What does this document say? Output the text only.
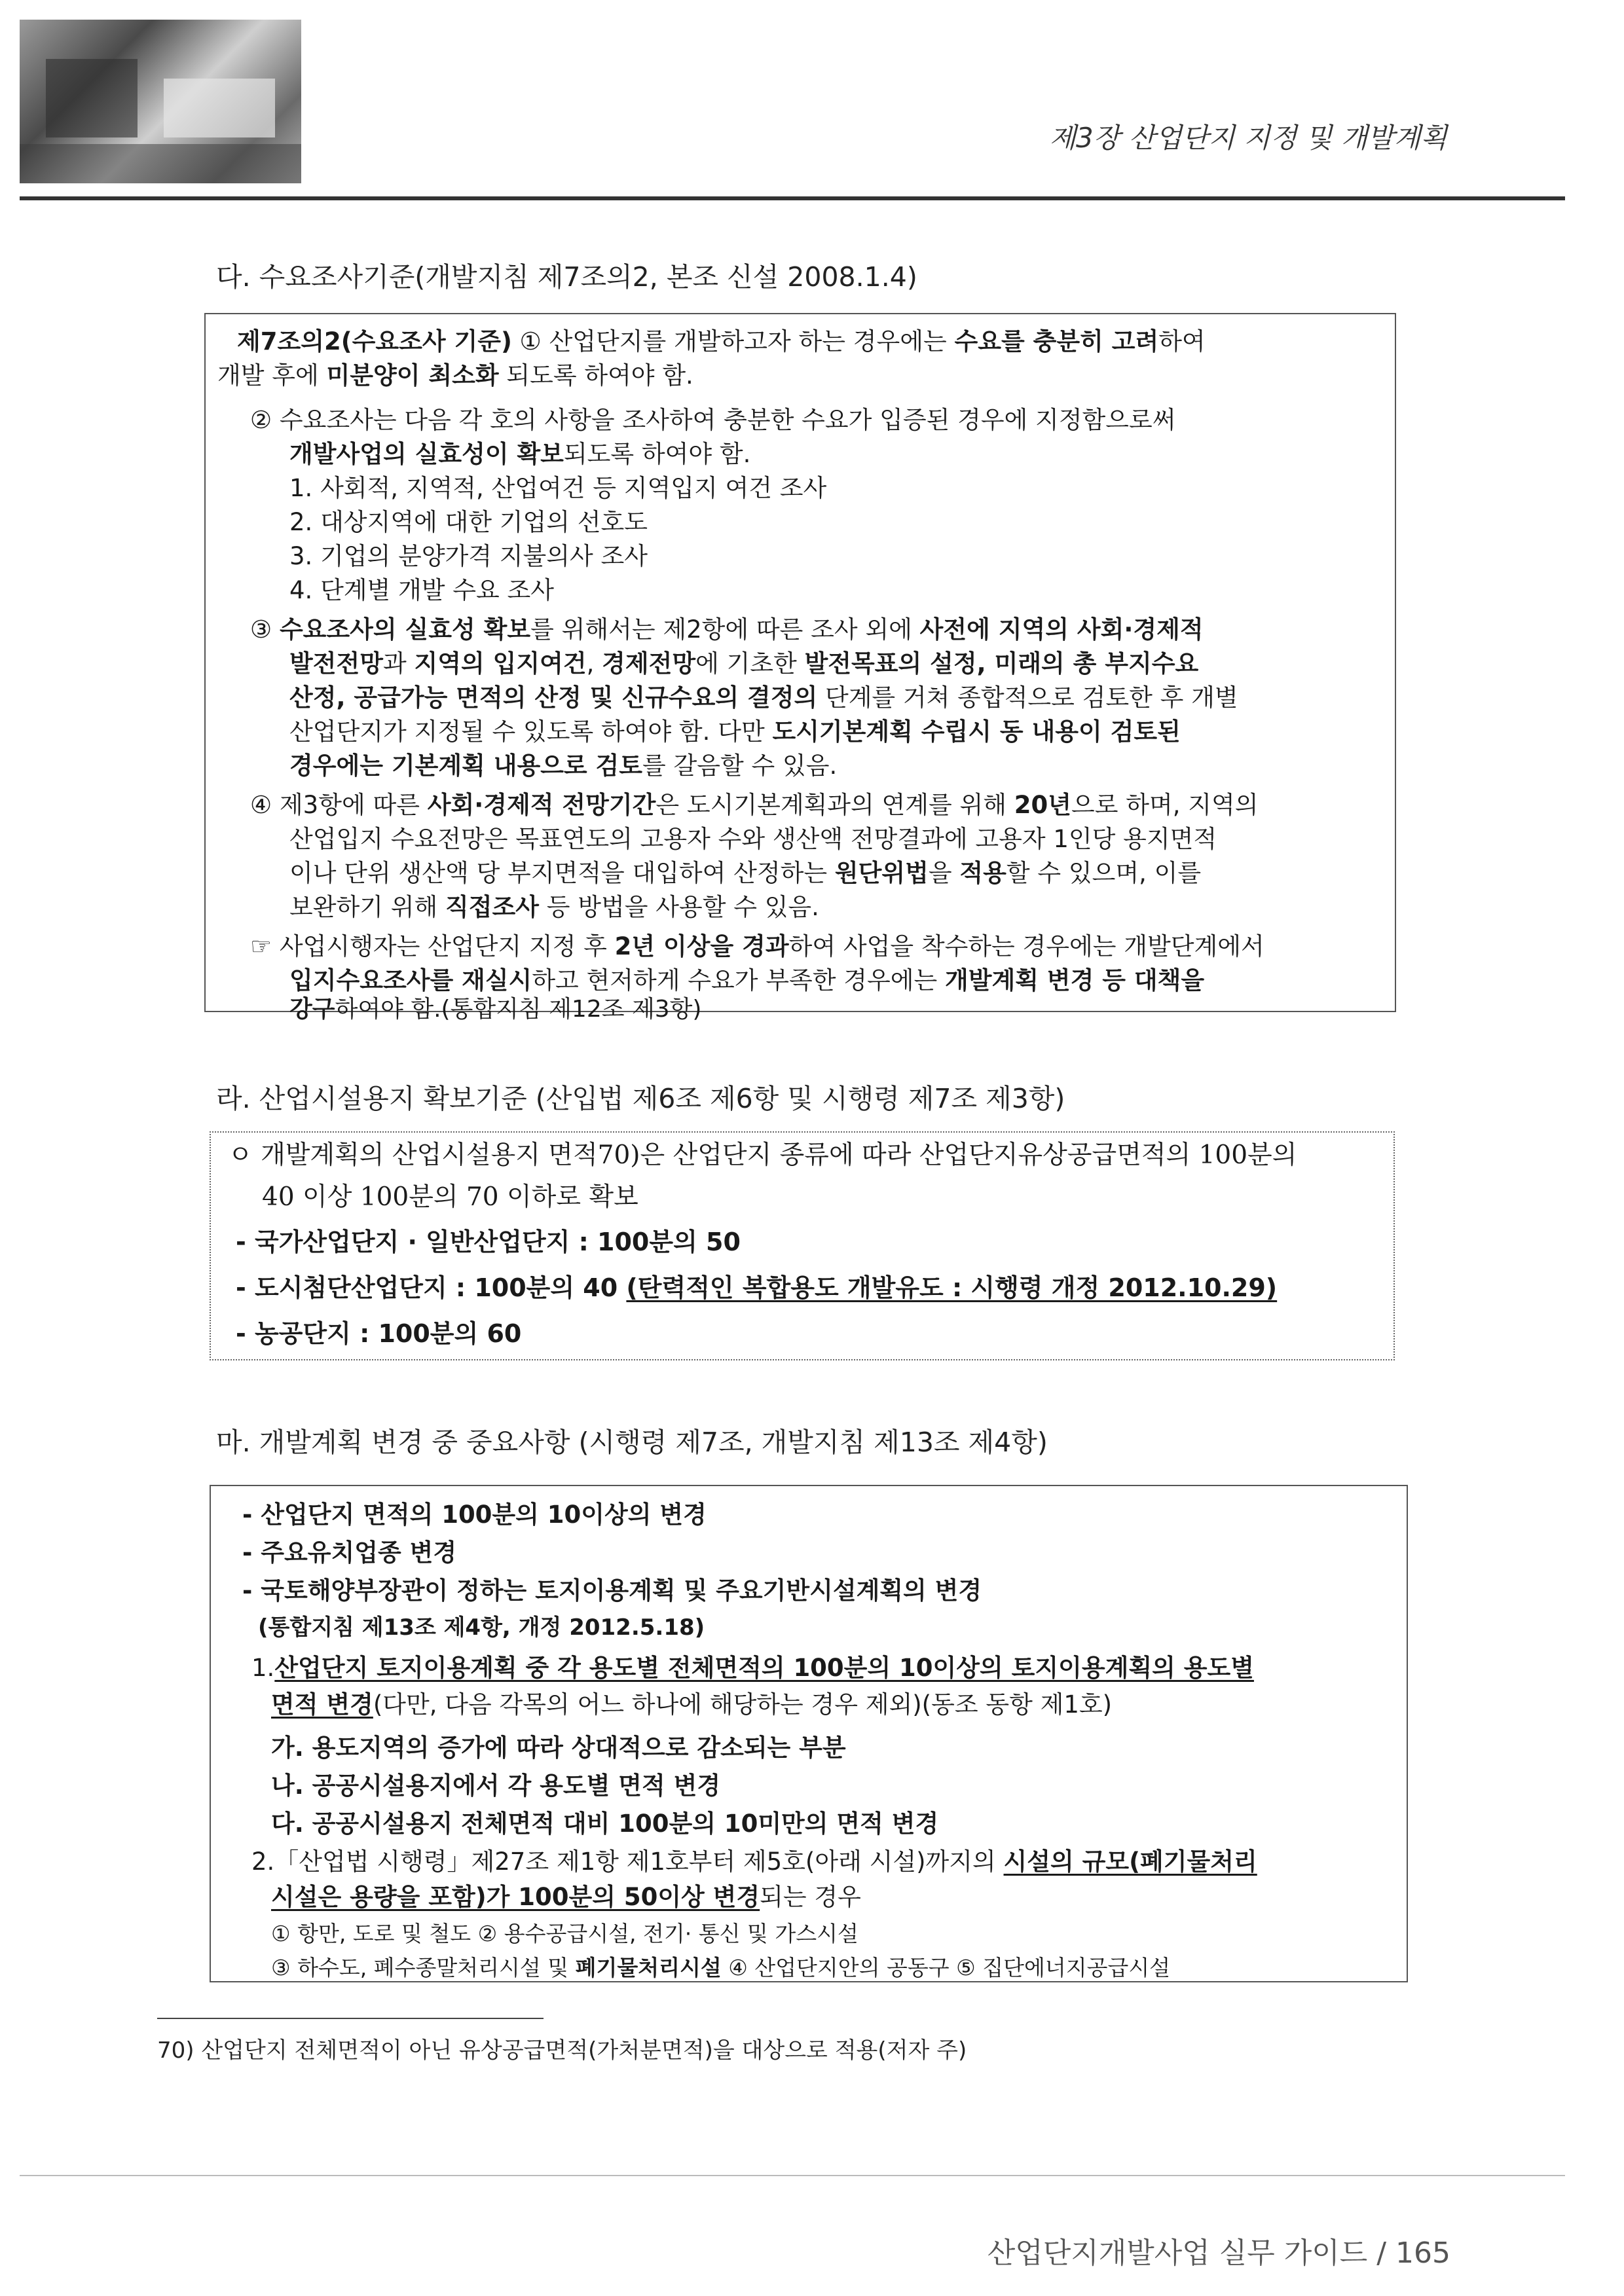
제3장 산업단지 지정 및 개발계획
다. 수요조사기준(개발지침 제7조의2, 본조 신설 2008.1.4)
제7조의2(수요조사 기준) ① 산업단지를 개발하고자 하는 경우에는 수요를 충분히 고려하여
개발 후에 미분양이 최소화 되도록 하여야 함.
② 수요조사는 다음 각 호의 사항을 조사하여 충분한 수요가 입증된 경우에 지정함으로써
개발사업의 실효성이 확보되도록 하여야 함.
1. 사회적, 지역적, 산업여건 등 지역입지 여건 조사
2. 대상지역에 대한 기업의 선호도
3. 기업의 분양가격 지불의사 조사
4. 단계별 개발 수요 조사
③ 수요조사의 실효성 확보를 위해서는 제2항에 따른 조사 외에 사전에 지역의 사회·경제적
발전전망과 지역의 입지여건, 경제전망에 기초한 발전목표의 설정, 미래의 총 부지수요
산정, 공급가능 면적의 산정 및 신규수요의 결정의 단계를 거쳐 종합적으로 검토한 후 개별
산업단지가 지정될 수 있도록 하여야 함. 다만 도시기본계획 수립시 동 내용이 검토된
경우에는 기본계획 내용으로 검토를 갈음할 수 있음.
④ 제3항에 따른 사회·경제적 전망기간은 도시기본계획과의 연계를 위해 20년으로 하며, 지역의
산업입지 수요전망은 목표연도의 고용자 수와 생산액 전망결과에 고용자 1인당 용지면적
이나 단위 생산액 당 부지면적을 대입하여 산정하는 원단위법을 적용할 수 있으며, 이를
보완하기 위해 직접조사 등 방법을 사용할 수 있음.
☞ 사업시행자는 산업단지 지정 후 2년 이상을 경과하여 사업을 착수하는 경우에는 개발단계에서
입지수요조사를 재실시하고 현저하게 수요가 부족한 경우에는 개발계획 변경 등 대책을
강구하여야 함.(통합지침 제12조 제3항)
라. 산업시설용지 확보기준 (산입법 제6조 제6항 및 시행령 제7조 제3항)
ㅇ 개발계획의 산업시설용지 면적70)은 산업단지 종류에 따라 산업단지유상공급면적의 100분의
40 이상 100분의 70 이하로 확보
- 국가산업단지 · 일반산업단지 : 100분의 50
- 도시첨단산업단지 : 100분의 40 (탄력적인 복합용도 개발유도 : 시행령 개정 2012.10.29)
- 농공단지 : 100분의 60
마. 개발계획 변경 중 중요사항 (시행령 제7조, 개발지침 제13조 제4항)
- 산업단지 면적의 100분의 10이상의 변경
- 주요유치업종 변경
- 국토해양부장관이 정하는 토지이용계획 및 주요기반시설계획의 변경
(통합지침 제13조 제4항, 개정 2012.5.18)
1.산업단지 토지이용계획 중 각 용도별 전체면적의 100분의 10이상의 토지이용계획의 용도별
면적 변경(다만, 다음 각목의 어느 하나에 해당하는 경우 제외)(동조 동항 제1호)
가. 용도지역의 증가에 따라 상대적으로 감소되는 부분
나. 공공시설용지에서 각 용도별 면적 변경
다. 공공시설용지 전체면적 대비 100분의 10미만의 면적 변경
2.「산업법 시행령」제27조 제1항 제1호부터 제5호(아래 시설)까지의 시설의 규모(폐기물처리
시설은 용량을 포함)가 100분의 50이상 변경되는 경우
① 항만, 도로 및 철도 ② 용수공급시설, 전기· 통신 및 가스시설
③ 하수도, 폐수종말처리시설 및 폐기물처리시설 ④ 산업단지안의 공동구 ⑤ 집단에너지공급시설
70) 산업단지 전체면적이 아닌 유상공급면적(가처분면적)을 대상으로 적용(저자 주)
산업단지개발사업 실무 가이드 / 165
